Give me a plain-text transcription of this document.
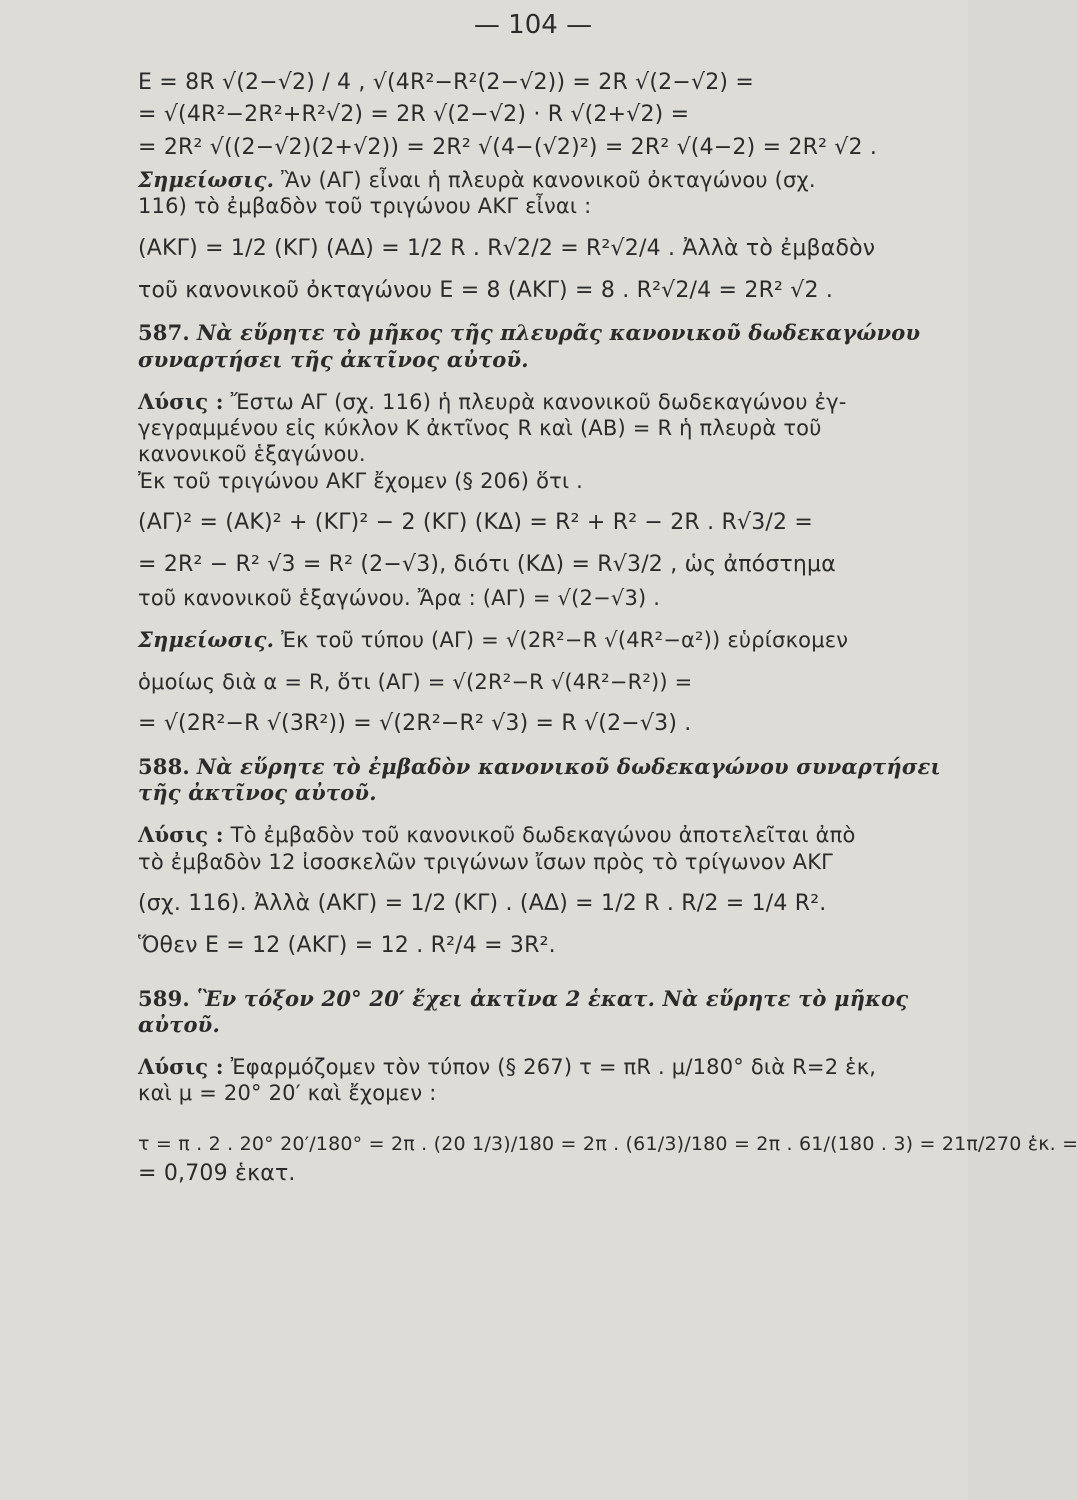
— 104 —

E = 8R √(2−√2) / 4 , √(4R²−R²(2−√2)) = 2R √(2−√2) =

= √(4R²−2R²+R²√2) = 2R √(2−√2) · R √(2+√2) =

= 2R² √((2−√2)(2+√2)) = 2R² √(4−(√2)²) = 2R² √(4−2) = 2R² √2 .

Σημείωσις. Ἂν (ΑΓ) εἶναι ἡ πλευρὰ κανονικοῦ ὀκταγώνου (σχ.

116) τὸ ἐμβαδὸν τοῦ τριγώνου ΑΚΓ εἶναι :

(ΑΚΓ) = 1/2 (ΚΓ) (ΑΔ) = 1/2 R . R√2/2 = R²√2/4 . Ἀλλὰ τὸ ἐμβαδὸν

τοῦ κανονικοῦ ὀκταγώνου Ε = 8 (ΑΚΓ) = 8 . R²√2/4 = 2R² √2 .

587. Νὰ εὕρητε τὸ μῆκος τῆς πλευρᾶς κανονικοῦ δωδεκαγώνου

συναρτήσει τῆς ἀκτῖνος αὐτοῦ.

Λύσις : Ἔστω ΑΓ (σχ. 116) ἡ πλευρὰ κανονικοῦ δωδεκαγώνου ἐγ-

γεγραμμένου εἰς κύκλον Κ ἀκτῖνος R καὶ (ΑΒ) = R ἡ πλευρὰ τοῦ

κανονικοῦ ἑξαγώνου.

Ἐκ τοῦ τριγώνου ΑΚΓ ἔχομεν (§ 206) ὅτι .

(ΑΓ)² = (ΑΚ)² + (ΚΓ)² − 2 (ΚΓ) (ΚΔ) = R² + R² − 2R . R√3/2 =

= 2R² − R² √3 = R² (2−√3), διότι (ΚΔ) = R√3/2 , ὡς ἀπόστημα

τοῦ κανονικοῦ ἑξαγώνου. Ἄρα : (ΑΓ) = √(2−√3) .

Σημείωσις. Ἐκ τοῦ τύπου (ΑΓ) = √(2R²−R √(4R²−α²)) εὑρίσκομεν

ὁμοίως διὰ α = R, ὅτι (ΑΓ) = √(2R²−R √(4R²−R²)) =

= √(2R²−R √(3R²)) = √(2R²−R² √3) = R √(2−√3) .

588. Νὰ εὕρητε τὸ ἐμβαδὸν κανονικοῦ δωδεκαγώνου συναρτήσει

τῆς ἀκτῖνος αὐτοῦ.

Λύσις : Τὸ ἐμβαδὸν τοῦ κανονικοῦ δωδεκαγώνου ἀποτελεῖται ἀπὸ

τὸ ἐμβαδὸν 12 ἰσοσκελῶν τριγώνων ἴσων πρὸς τὸ τρίγωνον ΑΚΓ

(σχ. 116). Ἀλλὰ (ΑΚΓ) = 1/2 (ΚΓ) . (ΑΔ) = 1/2 R . R/2 = 1/4 R².

Ὅθεν Ε = 12 (ΑΚΓ) = 12 . R²/4 = 3R².

589. Ἓν τόξον 20° 20′ ἔχει ἀκτῖνα 2 ἑκατ. Νὰ εὕρητε τὸ μῆκος

αὐτοῦ.

Λύσις : Ἐφαρμόζομεν τὸν τύπον (§ 267) τ = πR . μ/180° διὰ R=2 ἑκ,

καὶ μ = 20° 20′ καὶ ἔχομεν :

τ = π . 2 . 20° 20′/180° = 2π . (20 1/3)/180 = 2π . (61/3)/180 = 2π . 61/(180 . 3) = 21π/270 ἑκ. =

= 0,709 ἑκατ.
